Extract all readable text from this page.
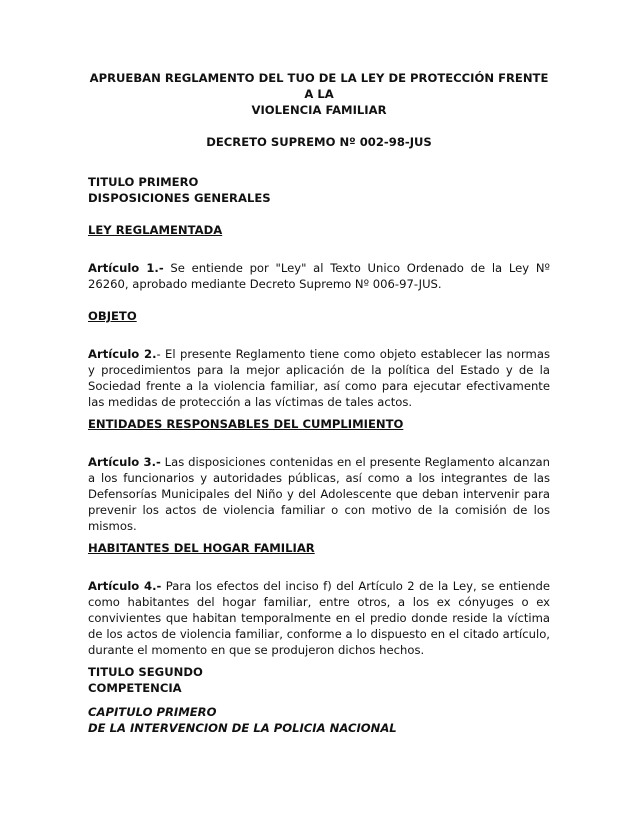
APRUEBAN REGLAMENTO DEL TUO DE LA LEY DE PROTECCIÓN FRENTE A LA
VIOLENCIA FAMILIAR

DECRETO SUPREMO Nº 002-98-JUS

TITULO PRIMERO

DISPOSICIONES GENERALES

LEY REGLAMENTADA

Artículo 1.- Se entiende por "Ley" al Texto Unico Ordenado de la Ley Nº 26260, aprobado mediante Decreto Supremo Nº 006-97-JUS.

OBJETO

Artículo 2.- El presente Reglamento tiene como objeto establecer las normas y procedimientos para la mejor aplicación de la política del Estado y de la Sociedad frente a la violencia familiar, así como para ejecutar efectivamente las medidas de protección a las víctimas de tales actos.

ENTIDADES RESPONSABLES DEL CUMPLIMIENTO

Artículo 3.- Las disposiciones contenidas en el presente Reglamento alcanzan a los funcionarios y autoridades públicas, así como a los integrantes de las Defensorías Municipales del Niño y del Adolescente que deban intervenir para prevenir los actos de violencia familiar o con motivo de la comisión de los mismos.

HABITANTES DEL HOGAR FAMILIAR

Artículo 4.- Para los efectos del inciso f) del Artículo 2 de la Ley, se entiende como habitantes del hogar familiar, entre otros, a los ex cónyuges o ex convivientes que habitan temporalmente en el predio donde reside la víctima de los actos de violencia familiar, conforme a lo dispuesto en el citado artículo, durante el momento en que se produjeron dichos hechos.

TITULO SEGUNDO

COMPETENCIA

CAPITULO PRIMERO

DE LA INTERVENCION DE LA POLICIA NACIONAL
